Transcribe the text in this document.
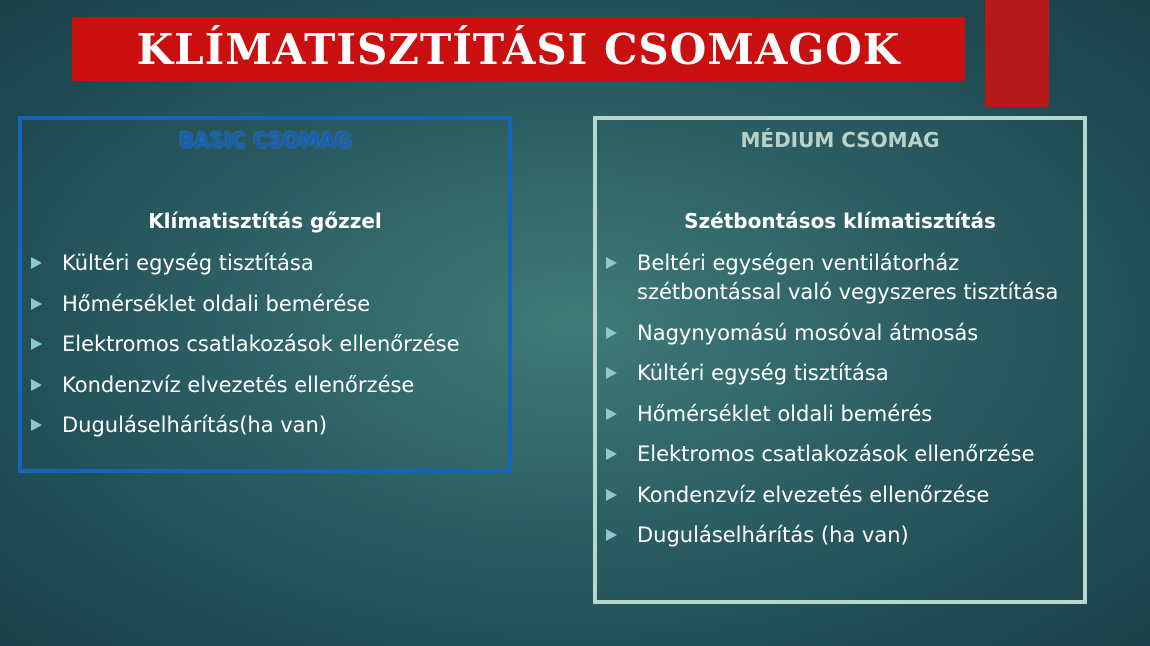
KLÍMATISZTÍTÁSI CSOMAGOK
BASIC CSOMAG
Klímatisztítás gőzzel
Kültéri egység tisztítása
Hőmérséklet oldali bemérése
Elektromos csatlakozások ellenőrzése
Kondenzvíz elvezetés ellenőrzése
Duguláselhárítás(ha van)
MÉDIUM CSOMAG
Szétbontásos klímatisztítás
Beltéri egységen ventilátorház szétbontással való vegyszeres tisztítása
Nagynyomású mosóval átmosás
Kültéri egység tisztítása
Hőmérséklet oldali bemérés
Elektromos csatlakozások ellenőrzése
Kondenzvíz elvezetés ellenőrzése
Duguláselhárítás (ha van)
